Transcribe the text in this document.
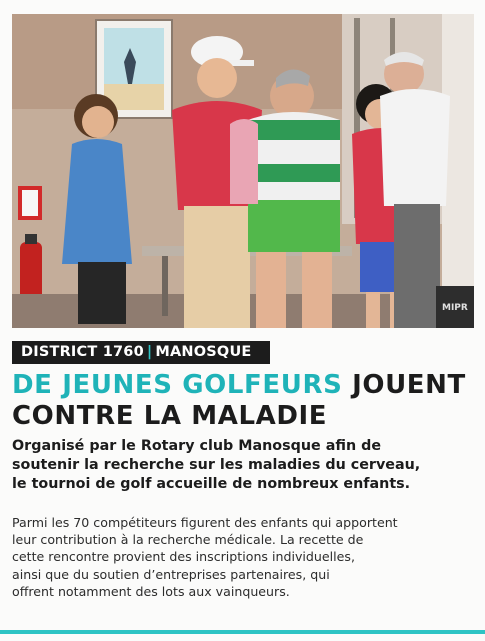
MIPR
DISTRICT 1760 | MANOSQUE
DE JEUNES GOLFEURS JOUENT
CONTRE LA MALADIE

Organisé par le Rotary club Manosque afin de
soutenir la recherche sur les maladies du cerveau,
le tournoi de golf accueille de nombreux enfants.

Parmi les 70 compétiteurs figurent des enfants qui apportent
leur contribution à la recherche médicale. La recette de
cette rencontre provient des inscriptions individuelles,
ainsi que du soutien d’entreprises partenaires, qui
offrent notamment des lots aux vainqueurs.
